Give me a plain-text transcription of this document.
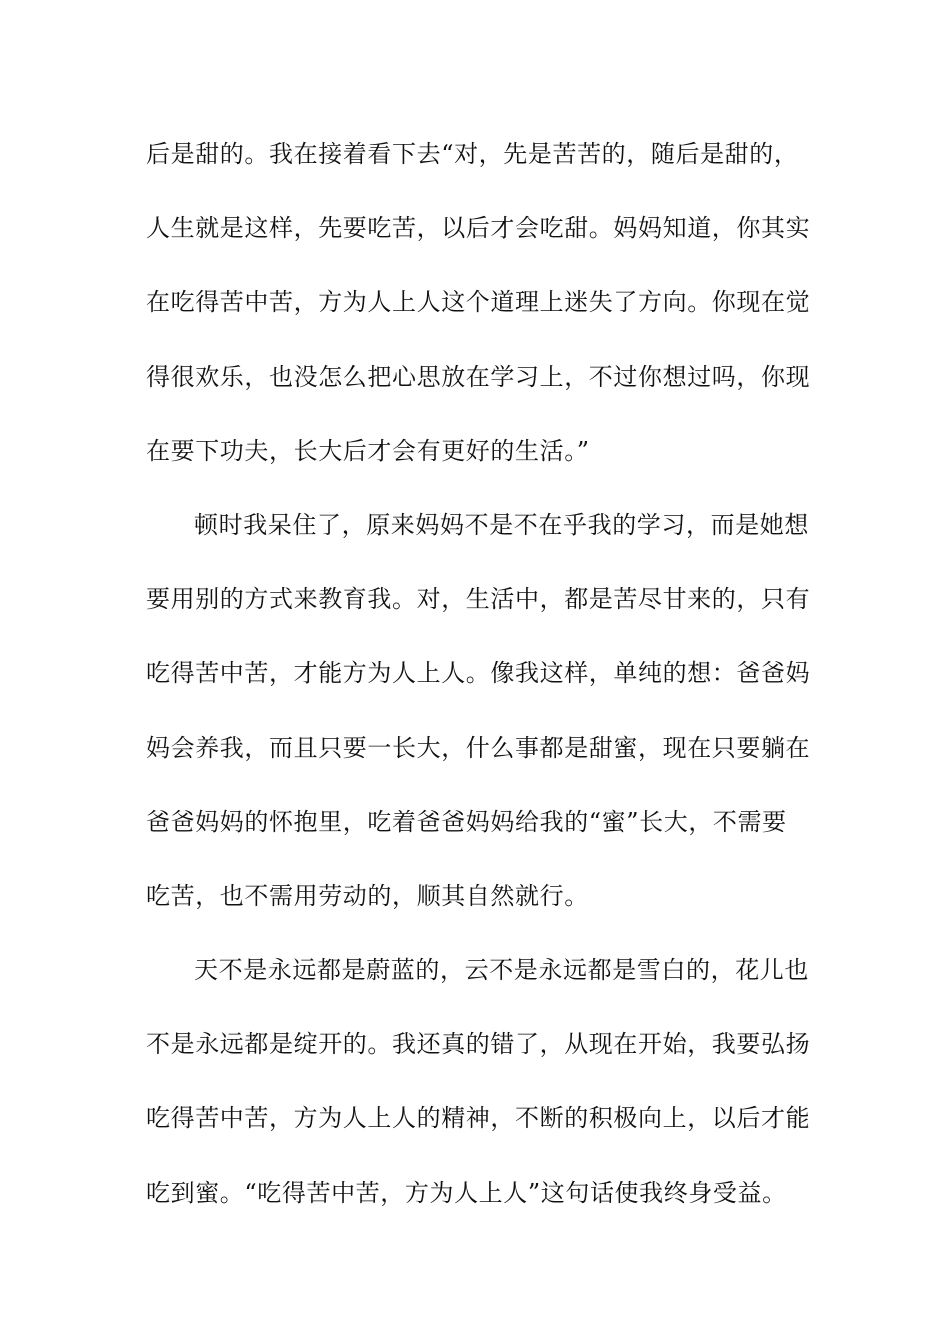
后是甜的。我在接着看下去“对，先是苦苦的，随后是甜的，
人生就是这样，先要吃苦，以后才会吃甜。妈妈知道，你其实
在吃得苦中苦，方为人上人这个道理上迷失了方向。你现在觉
得很欢乐，也没怎么把心思放在学习上，不过你想过吗，你现
在要下功夫，长大后才会有更好的生活。”
顿时我呆住了，原来妈妈不是不在乎我的学习，而是她想
要用别的方式来教育我。对，生活中，都是苦尽甘来的，只有
吃得苦中苦，才能方为人上人。像我这样，单纯的想：爸爸妈
妈会养我，而且只要一长大，什么事都是甜蜜，现在只要躺在
爸爸妈妈的怀抱里，吃着爸爸妈妈给我的“蜜”长大，不需要
吃苦，也不需用劳动的，顺其自然就行。
天不是永远都是蔚蓝的，云不是永远都是雪白的，花儿也
不是永远都是绽开的。我还真的错了，从现在开始，我要弘扬
吃得苦中苦，方为人上人的精神，不断的积极向上，以后才能
吃到蜜。“吃得苦中苦，方为人上人”这句话使我终身受益。
